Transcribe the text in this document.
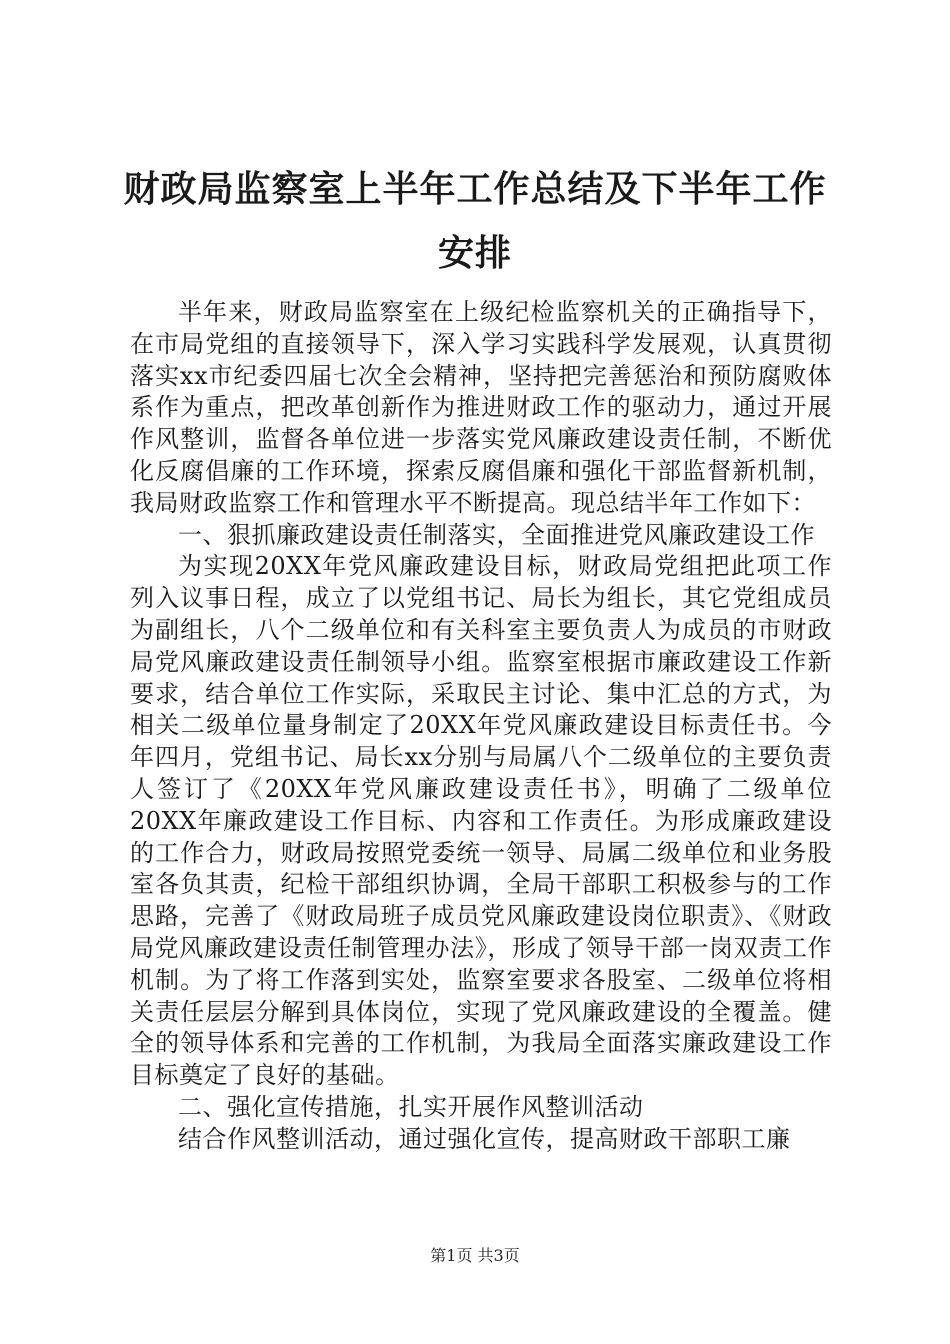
财政局监察室上半年工作总结及下半年工作安排

半年来，财政局监察室在上级纪检监察机关的正确指导下，在市局党组的直接领导下，深入学习实践科学发展观，认真贯彻落实xx市纪委四届七次全会精神，坚持把完善惩治和预防腐败体系作为重点，把改革创新作为推进财政工作的驱动力，通过开展作风整训，监督各单位进一步落实党风廉政建设责任制，不断优化反腐倡廉的工作环境，探索反腐倡廉和强化干部监督新机制，我局财政监察工作和管理水平不断提高。现总结半年工作如下：

一、狠抓廉政建设责任制落实，全面推进党风廉政建设工作

为实现20XX年党风廉政建设目标，财政局党组把此项工作列入议事日程，成立了以党组书记、局长为组长，其它党组成员为副组长，八个二级单位和有关科室主要负责人为成员的市财政局党风廉政建设责任制领导小组。监察室根据市廉政建设工作新要求，结合单位工作实际，采取民主讨论、集中汇总的方式，为相关二级单位量身制定了20XX年党风廉政建设目标责任书。今年四月，党组书记、局长xx分别与局属八个二级单位的主要负责人签订了《20XX年党风廉政建设责任书》，明确了二级单位20XX年廉政建设工作目标、内容和工作责任。为形成廉政建设的工作合力，财政局按照党委统一领导、局属二级单位和业务股室各负其责，纪检干部组织协调，全局干部职工积极参与的工作思路，完善了《财政局班子成员党风廉政建设岗位职责》、《财政局党风廉政建设责任制管理办法》，形成了领导干部一岗双责工作机制。为了将工作落到实处，监察室要求各股室、二级单位将相关责任层层分解到具体岗位，实现了党风廉政建设的全覆盖。健全的领导体系和完善的工作机制，为我局全面落实廉政建设工作目标奠定了良好的基础。

二、强化宣传措施，扎实开展作风整训活动

结合作风整训活动，通过强化宣传，提高财政干部职工廉

第1页 共3页
